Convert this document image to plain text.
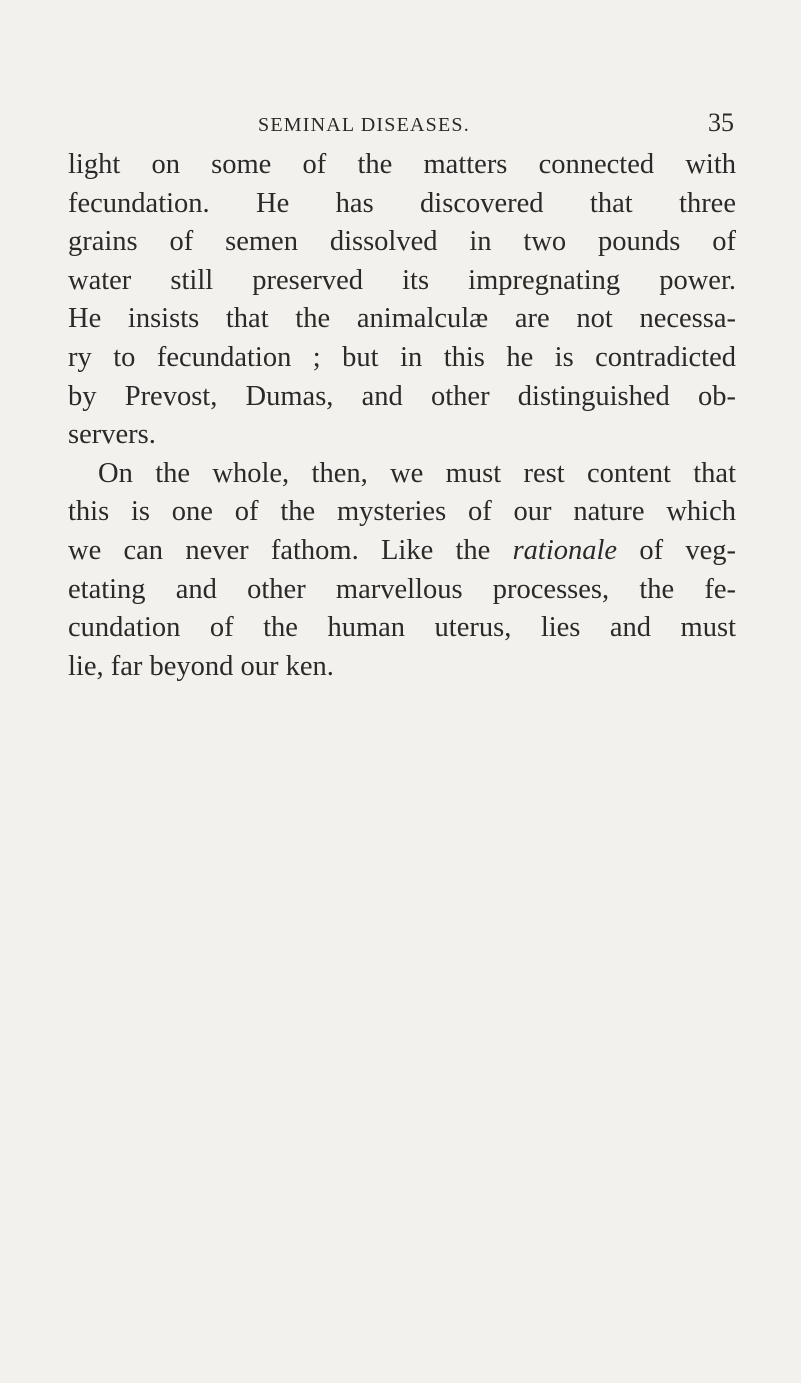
SEMINAL DISEASES.	35
light on some of the matters connected with
fecundation. He has discovered that three
grains of semen dissolved in two pounds of
water still preserved its impregnating power.
He insists that the animalculæ are not necessa-
ry to fecundation ; but in this he is contradicted
by Prevost, Dumas, and other distinguished ob-
servers.
On the whole, then, we must rest content that
this is one of the mysteries of our nature which
we can never fathom. Like the rationale of veg-
etating and other marvellous processes, the fe-
cundation of the human uterus, lies and must
lie, far beyond our ken.
